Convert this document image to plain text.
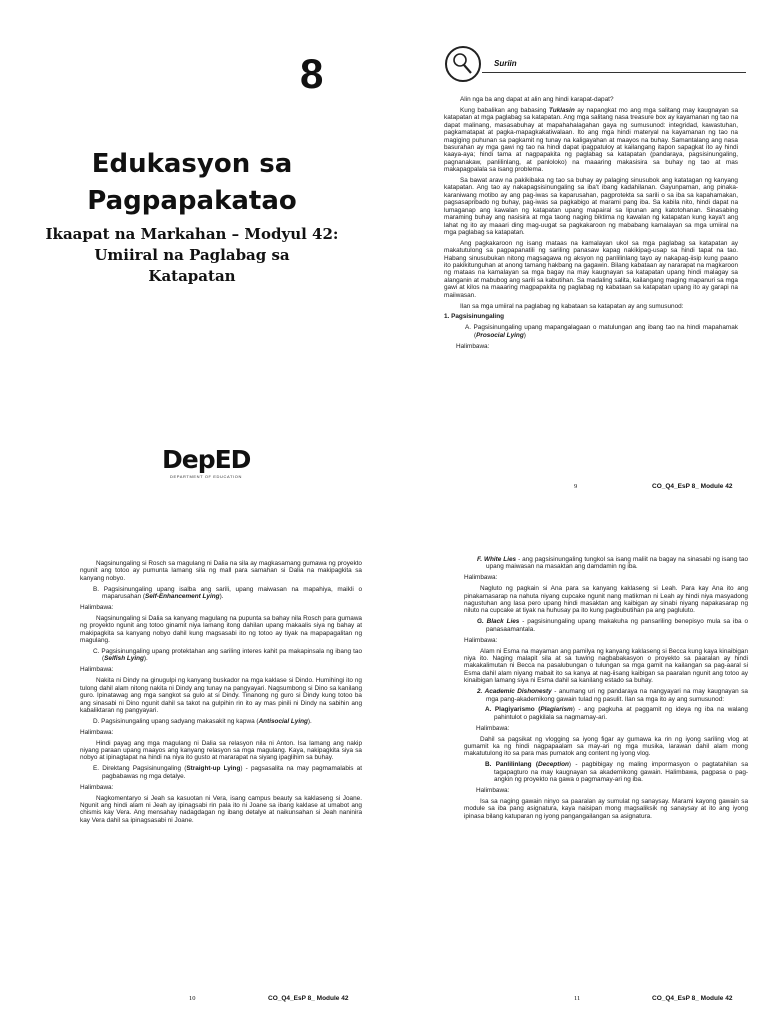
8
Edukasyon sa
Pagpapakatao
Ikaapat na Markahan – Modyul 42:
Umiiral na Paglabag sa
Katapatan
DepED
DEPARTMENT OF EDUCATION
Suriin

Alin nga ba ang dapat at alin ang hindi karapat-dapat?

Kung babalikan ang babasing Tuklasin ay napangkat mo ang mga salitang may kaugnayan sa katapatan at mga paglabag sa katapatan. Ang mga salitang nasa treasure box ay kayamanan ng tao na dapat malinang, masasabuhay at mapahahalagahan gaya ng sumusunod: integridad, kawastuhan, pagkamatapat at pagka-mapagkakatiwalaan. Ito ang mga hindi materyal na kayamanan ng tao na magiging puhunan sa pagkamit ng tunay na kaligayahan at maayos na buhay. Samantalang ang nasa basurahan ay mga gawi ng tao na hindi dapat ipagpatuloy at kailangang itapon sapagkat ito ay hindi kaaya-aya; hindi tama at nagpapakita ng paglabag sa katapatan (pandaraya, pagsisinungaling, pagnanakaw, panlilinlang, at panloloko) na maaaring makasisira sa buhay ng tao at mas makapagpalala sa isang problema.

Sa bawat araw na pakikibaka ng tao sa buhay ay palaging sinusubok ang katatagan ng kanyang katapatan. Ang tao ay nakapagsisinungaling sa iba't ibang kadahilanan. Gayunpaman, ang pinaka-karaniwang motibo ay ang pag-iwas sa kaparusahan, pagprotekta sa sarili o sa iba sa kapahamakan, pagsasapribado ng buhay, pag-iwas sa pagkabigo at marami pang iba. Sa kabila nito, hindi dapat na lumaganap ang kawalan ng katapatan upang mapairal sa lipunan ang katotohanan. Sinasabing maraming buhay ang nasisira at mga taong naging biktima ng kawalan ng katapatan kung kaya't ang lahat ng ito ay maaari ding mag-uugat sa pagkakaroon ng mababang kamalayan sa mga umiiral na mga paglabag sa katapatan.

Ang pagkakaroon ng isang mataas na kamalayan ukol sa mga paglabag sa katapatan ay makatutulong sa pagpapanatili ng sariling panasaw kapag nakikipag-usap sa hindi tapat na tao. Habang sinusubukan nitong magsagawa ng aksyon ng panlilinlang tayo ay nakapag-iisip kung paano ito pakikitunguhan at anong tamang hakbang na gagawin. Bilang kabataan ay nararapat na magkaroon ng mataas na kamalayan sa mga bagay na may kaugnayan sa katapatan upang hindi malagay sa alanganin at mabubog ang sarili sa kabutihan. Sa madaling salita, kailangang maging mapanuri sa mga gawi at kilos na maaaring magpapakita ng paglabag ng kabataan sa katapatan upang ito ay garapi na maiiwasan.

Ilan sa mga umiiral na paglabag ng kabataan sa katapatan ay ang sumusunod:

1. Pagsisinungaling

A. Pagsisinungaling upang mapangalagaan o matulungan ang ibang tao na hindi mapahamak (Prosocial Lying)

Halimbawa:

9	CO_Q4_EsP 8_ Module 42

Nagsinungaling si Rosch sa magulang ni Dalia na sila ay magkasamang gumawa ng proyekto ngunit ang totoo ay pumunta lamang sila ng mall para samahan si Dalia na makipagkita sa kanyang nobyo.

B. Pagsisinungaling upang isalba ang sarili, upang maiwasan na mapahiya, maikli o maparusahan (Self-Enhancement Lying).

Halimbawa:

Nagsinungaling si Dalia sa kanyang magulang na pupunta sa bahay nila Rosch para gumawa ng proyekto ngunit ang totoo ginamit niya lamang itong dahilan upang makaalis siya ng bahay at makipagkita sa kanyang nobyo dahil kung magsasabi ito ng totoo ay tiyak na mapapagalitan ng magulang.

C. Pagsisinungaling upang protektahan ang sariling interes kahit pa makapinsala ng ibang tao (Selfish Lying).

Halimbawa:

Nakita ni Dindy na ginugulpi ng kanyang buskador na mga kaklase si Dindo. Humihingi ito ng tulong dahil alam nitong nakita ni Dindy ang tunay na pangyayari. Nagsumbong si Dino sa kanilang guro. Ipinatawag ang mga sangkot sa gulo at si Dindy. Tinanong ng guro si Dindy kung totoo ba ang sinasabi ni Dino ngunit dahil sa takot na gulpihin rin ito ay mas pinili ni Dindy na sabihin ang kabaliktaran ng pangyayari.

D. Pagsisinungaling upang sadyang makasakit ng kapwa (Antisocial Lying).

Halimbawa:

Hindi payag ang mga magulang ni Dalia sa relasyon nila ni Anton. Isa lamang ang nakip niyang paraan upang maayos ang kanyang relasyon sa mga magulang. Kaya, nakipagkita siya sa nobyo at ipinagtapat na hindi na niya ito gusto at mararapat na siyang ipaglihim sa buhay.

E. Direktang Pagsisinungaling (Straight-up Lying) - pagsasalita na may pagmamalabis at pagbabawas ng mga detalye.

Halimbawa:

Nagkomentaryo si Jeah sa kasuotan ni Vera, isang campus beauty sa kaklaseng si Joane. Ngunit ang hindi alam ni Jeah ay ipinagsabi rin pala ito ni Joane sa ibang kaklase at umabot ang chismis kay Vera. Ang mensahay nadagdagan ng ibang detalye at naikunsahan si Jeah naninira kay Vera dahil sa ipinagsasabi ni Joane.

10	CO_Q4_EsP 8_ Module 42

F. White Lies - ang pagsisinungaling tungkol sa isang maliit na bagay na sinasabi ng isang tao upang maiwasan na masaktan ang damdamin ng iba.

Halimbawa:

Nagluto ng pagkain si Ana para sa kanyang kaklaseng si Leah. Para kay Ana ito ang pinakamasarap na nahuta niyang cupcake ngunit nang matikman ni Leah ay hindi niya masyadong nagustuhan ang lasa pero upang hindi masaktan ang kaibigan ay sinabi niyang napakasarap ng niluto na cupcake at tiyak na huhusay pa ito kung pagbubutihan pa ang pagluluto.

G. Black Lies - pagsisinungaling upang makakuha ng pansariling benepisyo mula sa iba o panasaamantala.

Halimbawa:

Alam ni Esma na mayaman ang pamilya ng kanyang kaklaseng si Becca kung kaya kinaibigan niya ito. Naging malapit sila at sa tuwing nagbabakasyon o proyekto sa paaralan ay hindi makakalimutan ni Becca na pasalubungan o tulungan sa mga gamit na kailangan sa pag-aaral si Esma dahil alam niyang mabait ito sa kanya at nag-iisang kaibigan sa paaralan ngunit ang totoo ay kinaibigan lamang siya ni Esma dahil sa kanilang estado sa buhay.

2. Academic Dishonesty - anumang uri ng pandaraya na nangyayari na may kaugnayan sa mga pang-akademikong gawain tulad ng pasulit. Ilan sa mga ito ay ang sumusunod:

A. Plagiyarismo (Plagiarism) - ang pagkuha at paggamit ng ideya ng iba na walang pahintulot o pagkilala sa nagmamay-ari.

Halimbawa:

Dahil sa pagsikat ng vlogging sa iyong figar ay gumawa ka rin ng iyong sariling vlog at gumamit ka ng hindi nagpapaalam sa may-ari ng mga musika, larawan dahil alam mong makatutulong ito sa para mas pumatok ang content ng iyong vlog.

B. Panlilinlang (Deception) - pagbibigay ng maling impormasyon o pagtatahilan sa tagapagturo na may kaugnayan sa akademikong gawain. Halimbawa, pagpasa o pag-angkin ng proyekto na gawa o pagmamay-ari ng iba.

Halimbawa:

Isa sa naging gawain ninyo sa paaralan ay sumulat ng sanaysay. Marami kayong gawain sa module sa iba pang asignatura, kaya naisipan mong magsaliksik ng sanaysay at ito ang iyong ipinasa bilang katuparan ng iyong pangangailangan sa asignatura.

11	CO_Q4_EsP 8_ Module 42
